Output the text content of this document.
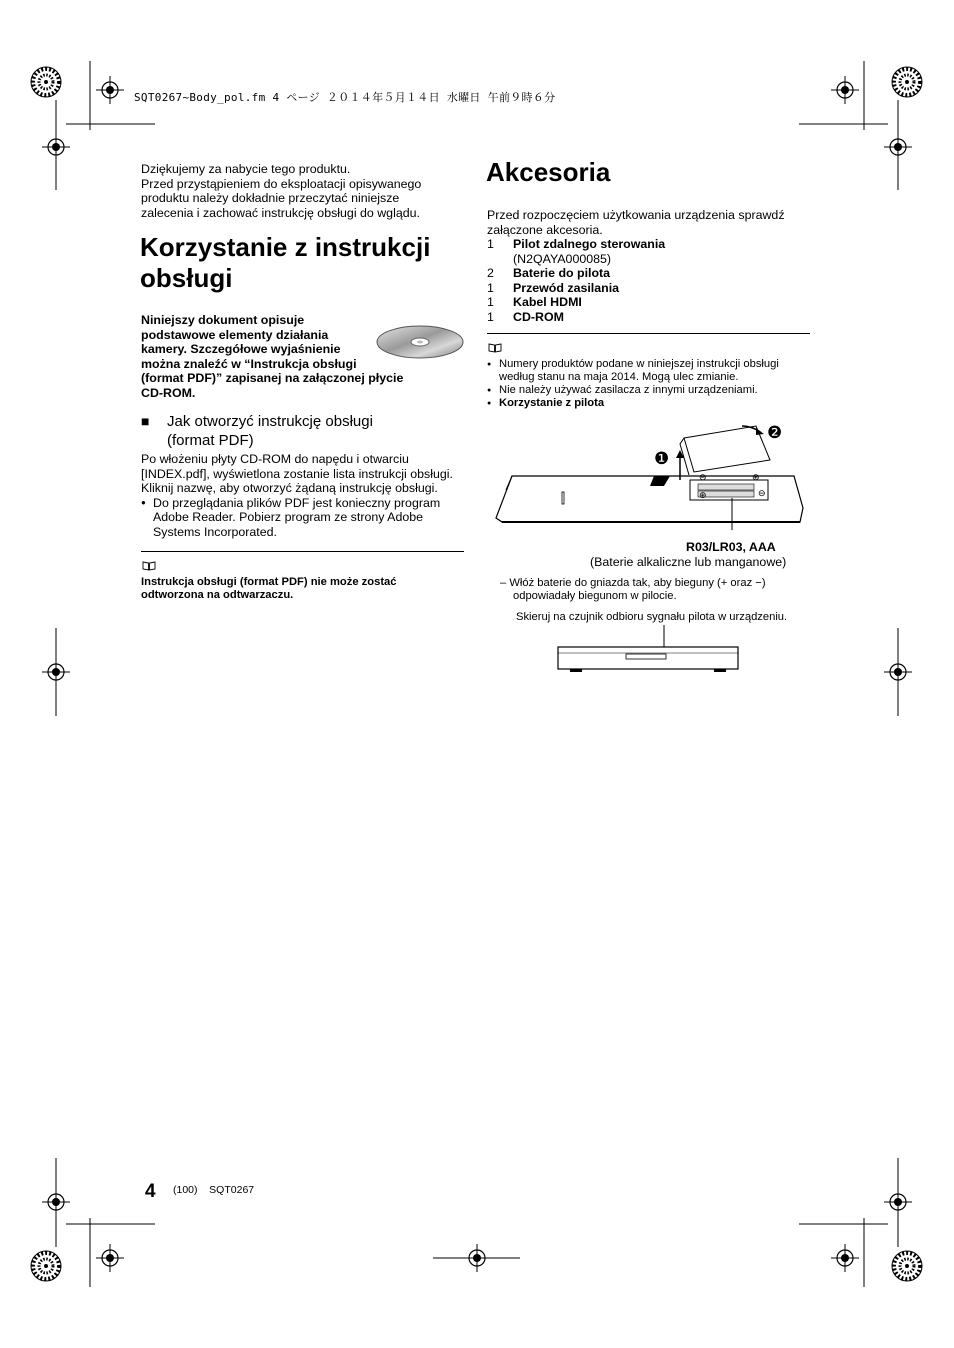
SQT0267~Body_pol.fm 4 ページ ２０１４年５月１４日 水曜日 午前９時６分
Dziękujemy za nabycie tego produktu.
Przed przystąpieniem do eksploatacji opisywanego
produktu należy dokładnie przeczytać niniejsze
zalecenia i zachować instrukcję obsługi do wglądu.
Korzystanie z instrukcji
obsługi
Niniejszy dokument opisuje
podstawowe elementy działania
kamery. Szczegółowe wyjaśnienie
można znaleźć w “Instrukcja obsługi
(format PDF)” zapisanej na załączonej płycie
CD-ROM.
■ Jak otworzyć instrukcję obsługi
(format PDF)
Po włożeniu płyty CD-ROM do napędu i otwarciu
[INDEX.pdf], wyświetlona zostanie lista instrukcji obsługi.
Kliknij nazwę, aby otworzyć żądaną instrukcję obsługi.
● Do przeglądania plików PDF jest konieczny program
Adobe Reader. Pobierz program ze strony Adobe
Systems Incorporated.
Instrukcja obsługi (format PDF) nie może zostać
odtworzona na odtwarzaczu.
Akcesoria
Przed rozpoczęciem użytkowania urządzenia sprawdź
załączone akcesoria.
1	Pilot zdalnego sterowania
(N2QAYA000085)
2	Baterie do pilota
1	Przewód zasilania
1	Kabel HDMI
1	CD-ROM
● Numery produktów podane w niniejszej instrukcji obsługi
według stanu na maja 2014. Mogą ulec zmianie.
● Nie należy używać zasilacza z innymi urządzeniami.
● Korzystanie z pilota
⊖	⊕
⊕	⊖
❶
❷
R03/LR03, AAA
(Baterie alkaliczne lub manganowe)
– Włóż baterie do gniazda tak, aby bieguny (+ oraz −)
odpowiadały biegunom w pilocie.
Skieruj na czujnik odbioru sygnału pilota w urządzeniu.
4 (100)    SQT0267
